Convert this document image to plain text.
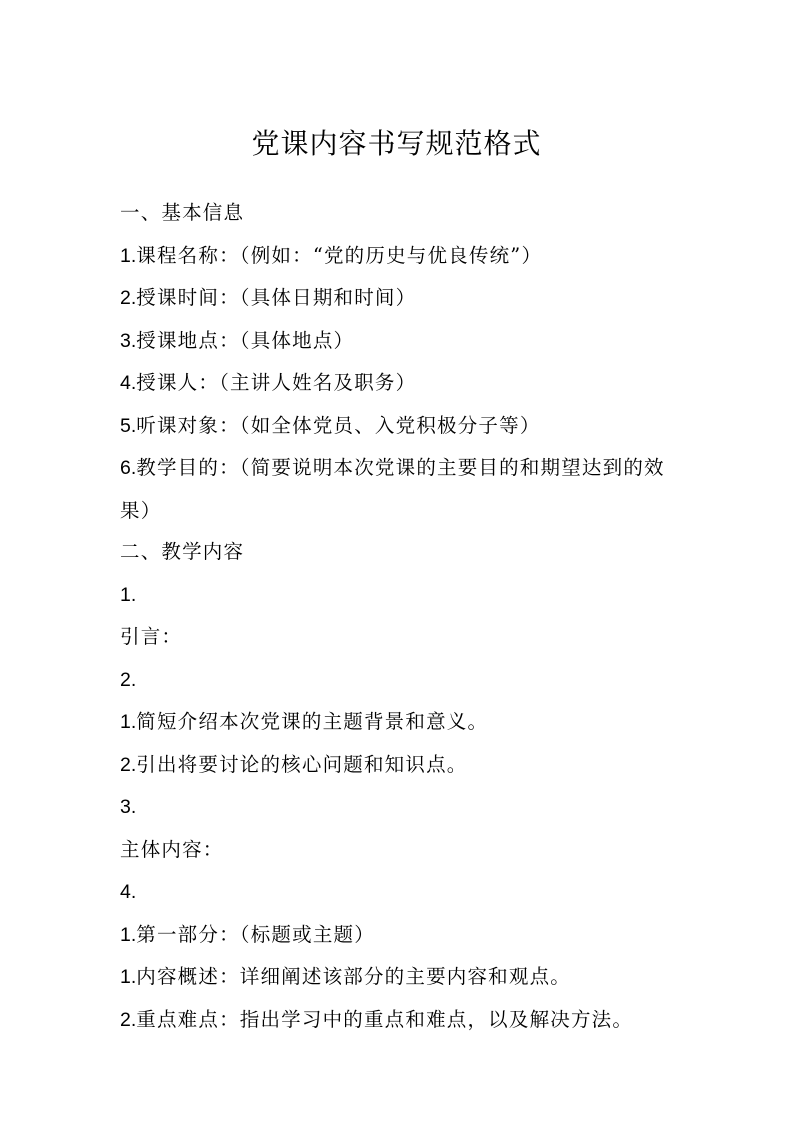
党课内容书写规范格式

一、基本信息

1.课程名称：（例如：“党的历史与优良传统”）

2.授课时间：（具体日期和时间）

3.授课地点：（具体地点）

4.授课人：（主讲人姓名及职务）

5.听课对象：（如全体党员、入党积极分子等）

6.教学目的：（简要说明本次党课的主要目的和期望达到的效果）

二、教学内容

1.

引言：

2.

1.简短介绍本次党课的主题背景和意义。

2.引出将要讨论的核心问题和知识点。

3.

主体内容：

4.

1.第一部分：（标题或主题）

1.内容概述：详细阐述该部分的主要内容和观点。

2.重点难点：指出学习中的重点和难点，以及解决方法。
